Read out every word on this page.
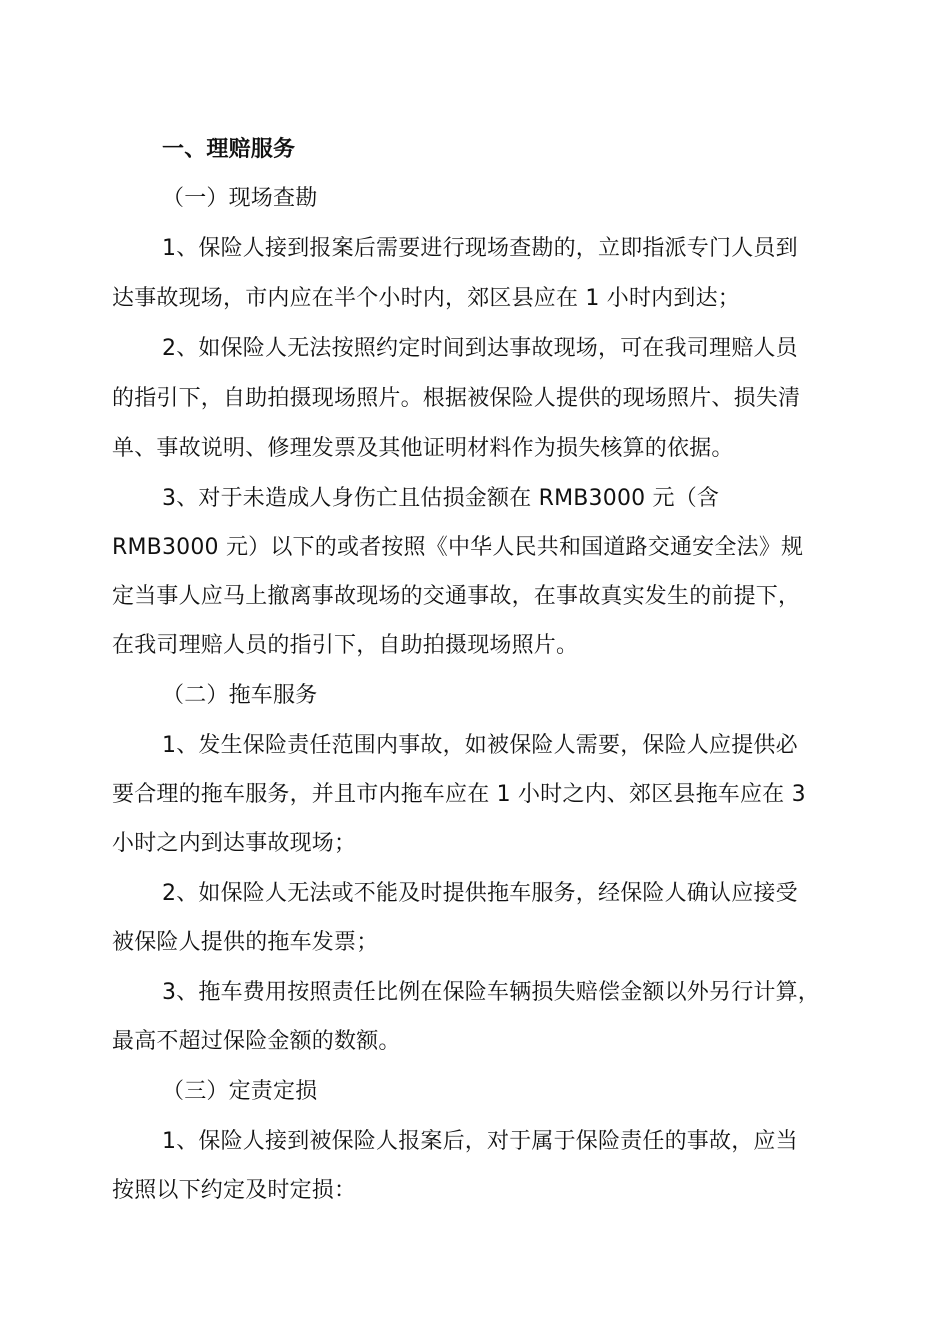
一、理赔服务
（一）现场查勘
1、保险人接到报案后需要进行现场查勘的，立即指派专门人员到
达事故现场，市内应在半个小时内，郊区县应在 1 小时内到达；
2、如保险人无法按照约定时间到达事故现场，可在我司理赔人员
的指引下，自助拍摄现场照片。根据被保险人提供的现场照片、损失清
单、事故说明、修理发票及其他证明材料作为损失核算的依据。
3、对于未造成人身伤亡且估损金额在 RMB3000 元（含
RMB3000 元）以下的或者按照《中华人民共和国道路交通安全法》规
定当事人应马上撤离事故现场的交通事故，在事故真实发生的前提下，
在我司理赔人员的指引下，自助拍摄现场照片。
（二）拖车服务
1、发生保险责任范围内事故，如被保险人需要，保险人应提供必
要合理的拖车服务，并且市内拖车应在 1 小时之内、郊区县拖车应在 3
小时之内到达事故现场；
2、如保险人无法或不能及时提供拖车服务，经保险人确认应接受
被保险人提供的拖车发票；
3、拖车费用按照责任比例在保险车辆损失赔偿金额以外另行计算，
最高不超过保险金额的数额。
（三）定责定损
1、保险人接到被保险人报案后，对于属于保险责任的事故，应当
按照以下约定及时定损：
